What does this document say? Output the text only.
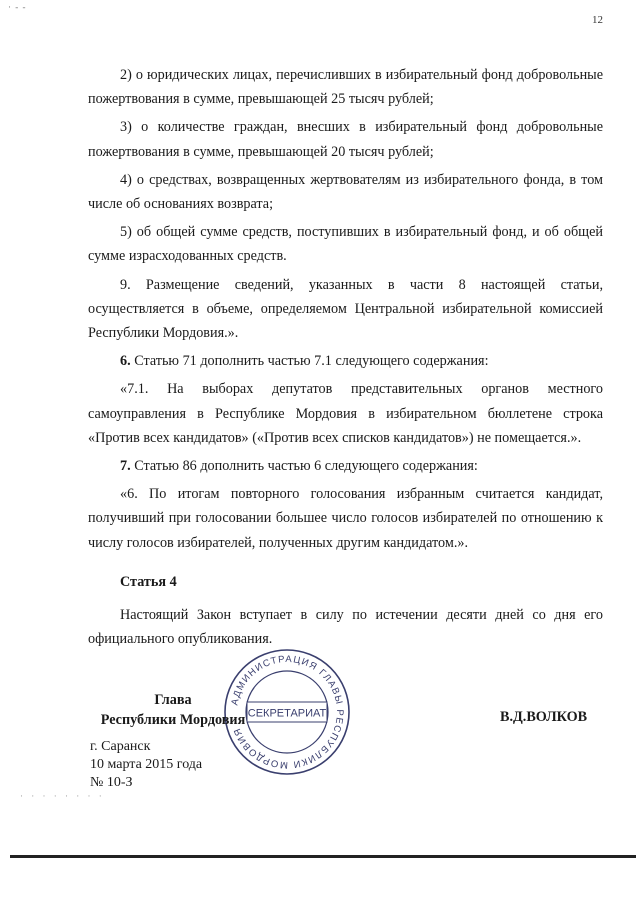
· - -
12

2) о юридических лицах, перечисливших в избирательный фонд добровольные пожертвования в сумме, превышающей 25 тысяч рублей;

3) о количестве граждан, внесших в избирательный фонд добровольные пожертвования в сумме, превышающей 20 тысяч рублей;

4) о средствах, возвращенных жертвователям из избирательного фонда, в том числе об основаниях возврата;

5) об общей сумме средств, поступивших в избирательный фонд, и об общей сумме израсходованных средств.

9. Размещение сведений, указанных в части 8 настоящей статьи, осуществляется в объеме, определяемом Центральной избирательной комиссией Республики Мордовия.».

6. Статью 71 дополнить частью 7.1 следующего содержания:

«7.1. На выборах депутатов представительных органов местного самоуправления в Республике Мордовия в избирательном бюллетене строка «Против всех кандидатов» («Против всех списков кандидатов») не помещается.».

7. Статью 86 дополнить частью 6 следующего содержания:

«6. По итогам повторного голосования избранным считается кандидат, получивший при голосовании большее число голосов избирателей по отношению к числу голосов избирателей, полученных другим кандидатом.».

Статья 4

Настоящий Закон вступает в силу по истечении десяти дней со дня его официального опубликования.

АДМИНИСТРАЦИЯ ГЛАВЫ РЕСПУБЛИКИ МОРДОВИЯ
СЕКРЕТАРИАТ
Глава
Республики Мордовия	В.Д.ВОЛКОВ
г. Саранск
10 марта 2015 года
№ 10-З
· · · · · · · ·
